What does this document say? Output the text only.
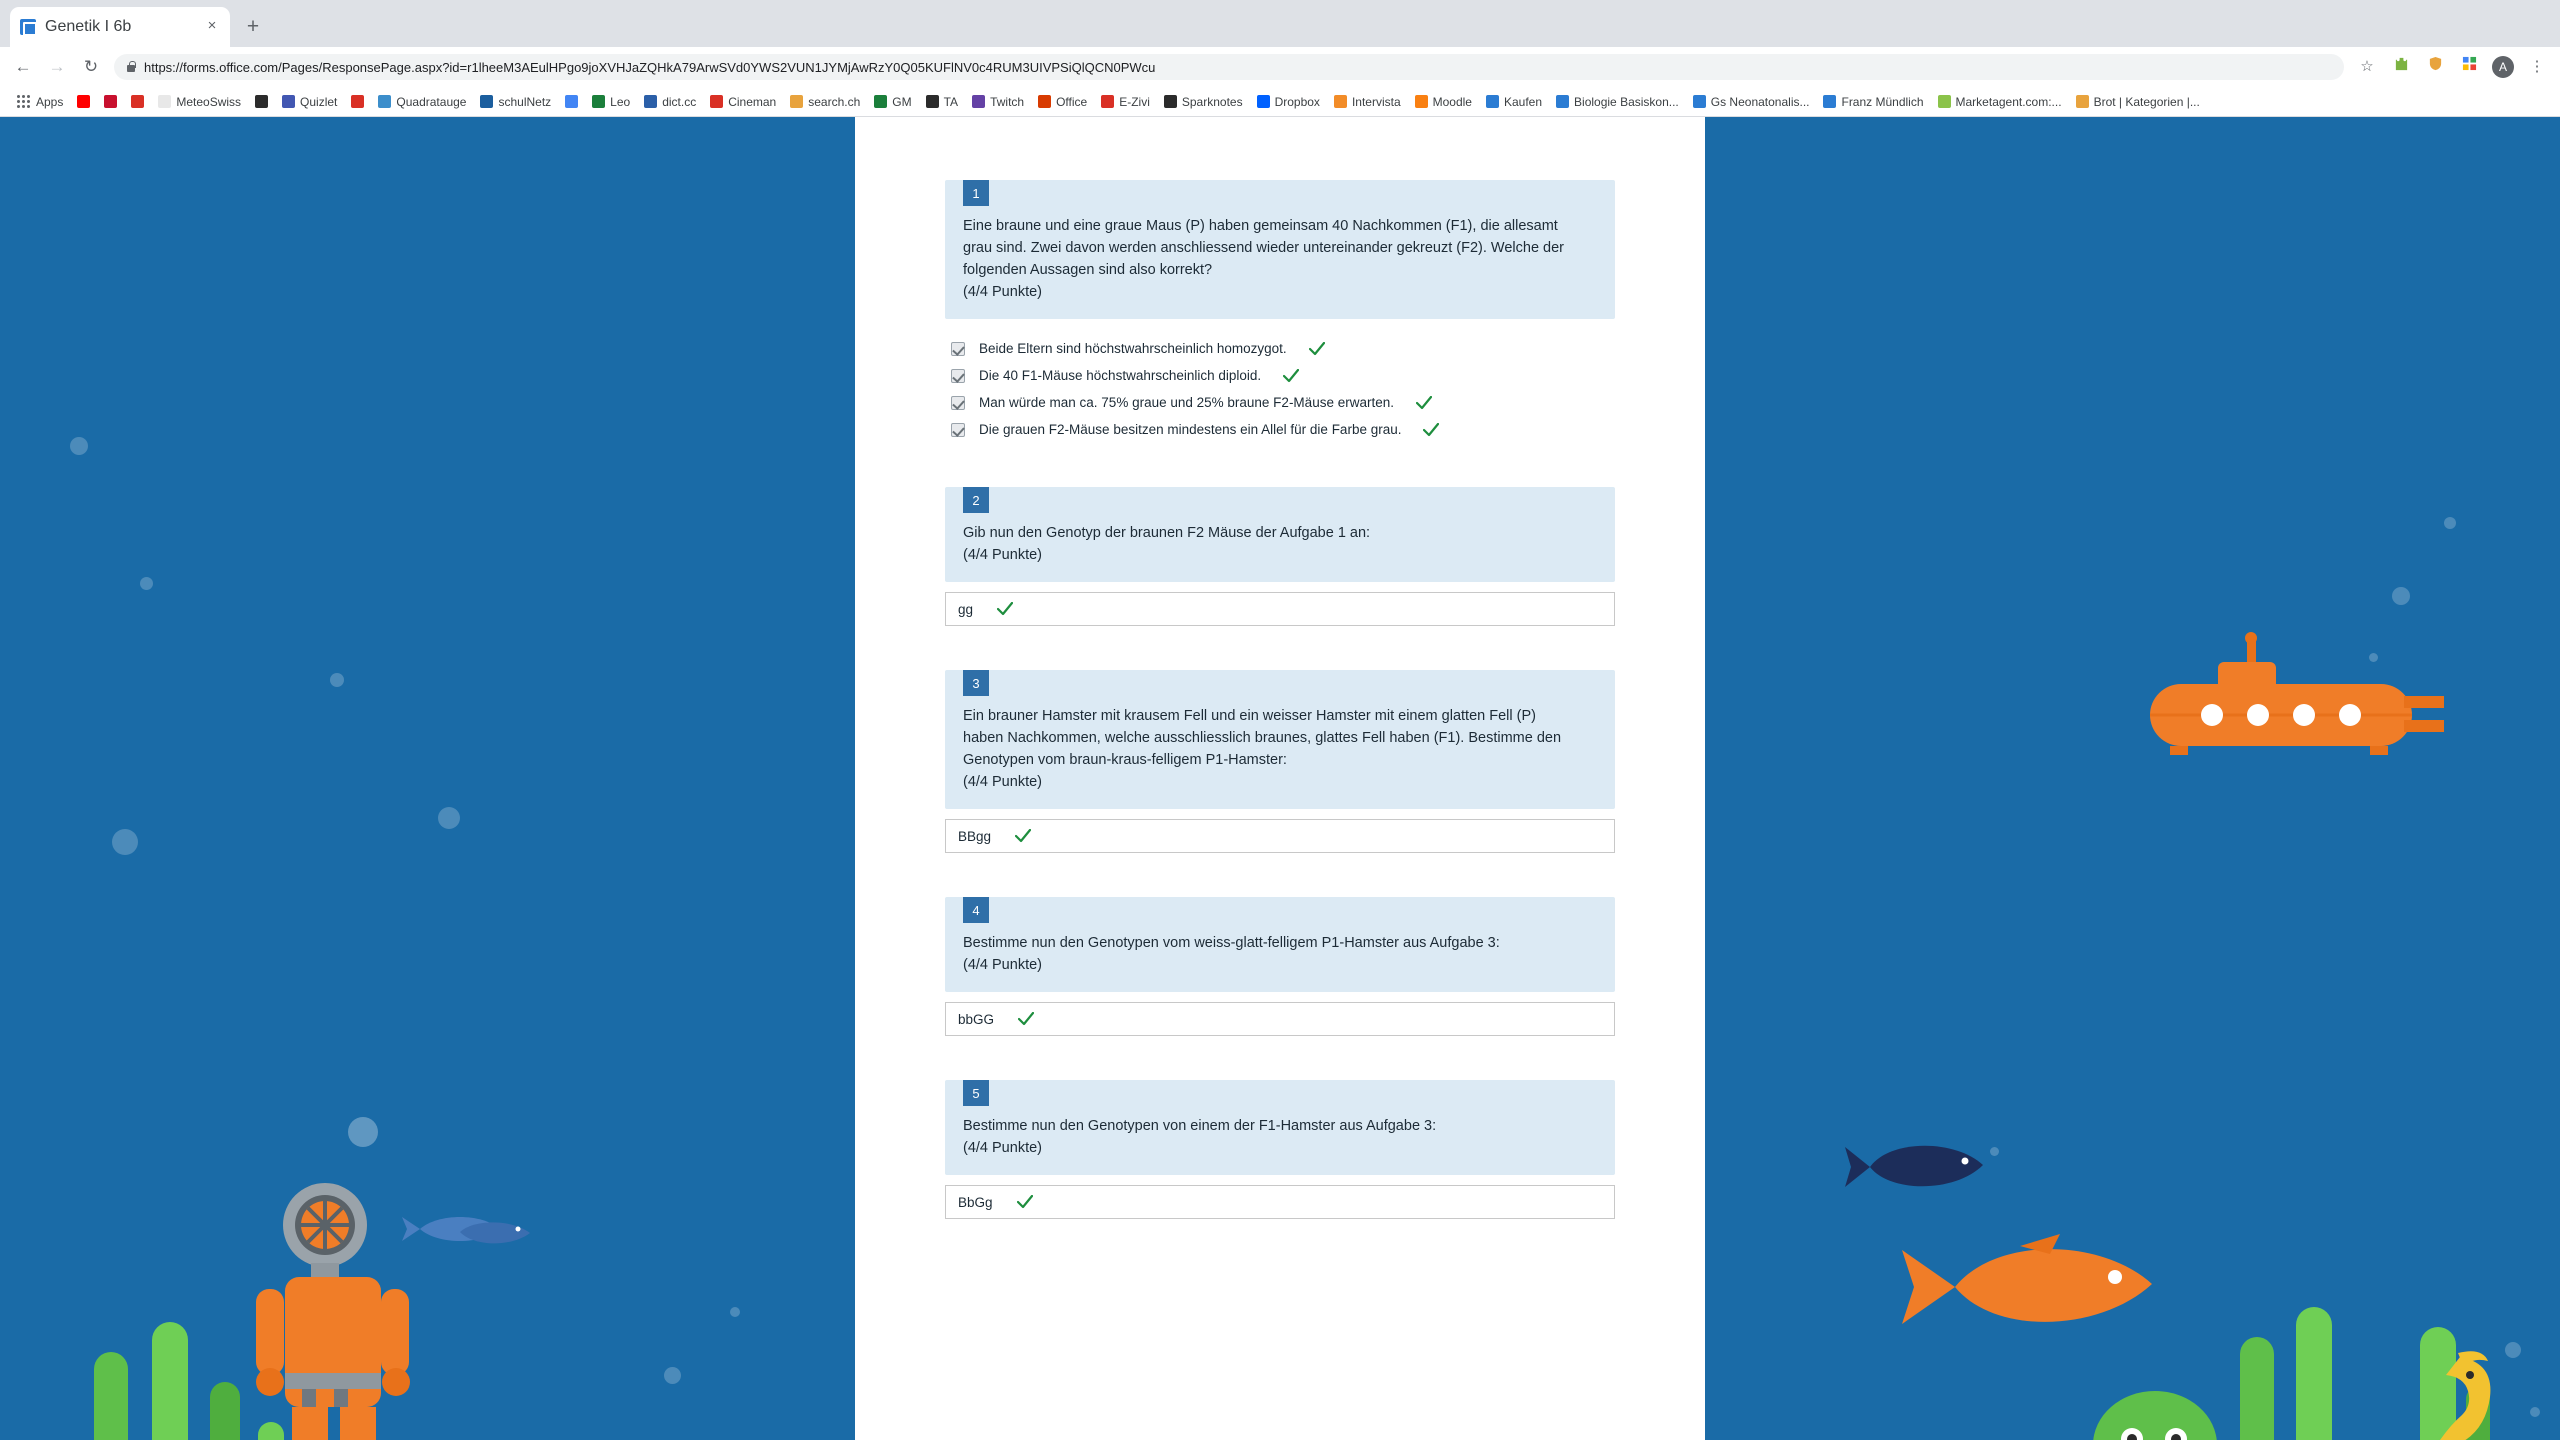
Genetik I 6b	×	+
← → ↻	https://forms.office.com/Pages/ResponsePage.aspx?id=r1lheeM3AEulHPgo9joXVHJaZQHkA79ArwSVd0YWS2VUN1JYMjAwRzY0Q05KUFlNV0c4RUM3UIVPSiQlQCN0PWcu	☆	A	⋮
Apps	MeteoSwiss	Quizlet	Quadratauge	schulNetz	Leo	dict.cc	Cineman	search.ch	GM	TA	Twitch	Office	E-Zivi	Sparknotes	Dropbox	Intervista	Moodle	Kaufen	Biologie Basiskon...	Gs Neonatonalis...	Franz Mündlich	Marketagent.com:...	Brot | Kategorien |...
1
Eine braune und eine graue Maus (P) haben gemeinsam 40 Nachkommen (F1), die allesamt grau sind. Zwei davon werden anschliessend wieder untereinander gekreuzt (F2). Welche der folgenden Aussagen sind also korrekt?
(4/4 Punkte)
Beide Eltern sind höchstwahrscheinlich homozygot.
Die 40 F1-Mäuse höchstwahrscheinlich diploid.
Man würde man ca. 75% graue und 25% braune F2-Mäuse erwarten.
Die grauen F2-Mäuse besitzen mindestens ein Allel für die Farbe grau.
2
Gib nun den Genotyp der braunen F2 Mäuse der Aufgabe 1 an:
(4/4 Punkte)
gg
3
Ein brauner Hamster mit krausem Fell und ein weisser Hamster mit einem glatten Fell (P) haben Nachkommen, welche ausschliesslich braunes, glattes Fell haben (F1). Bestimme den Genotypen vom braun-kraus-felligem P1-Hamster:
(4/4 Punkte)
BBgg
4
Bestimme nun den Genotypen vom weiss-glatt-felligem P1-Hamster aus Aufgabe 3:
(4/4 Punkte)
bbGG
5
Bestimme nun den Genotypen von einem der F1-Hamster aus Aufgabe 3:
(4/4 Punkte)
BbGg
